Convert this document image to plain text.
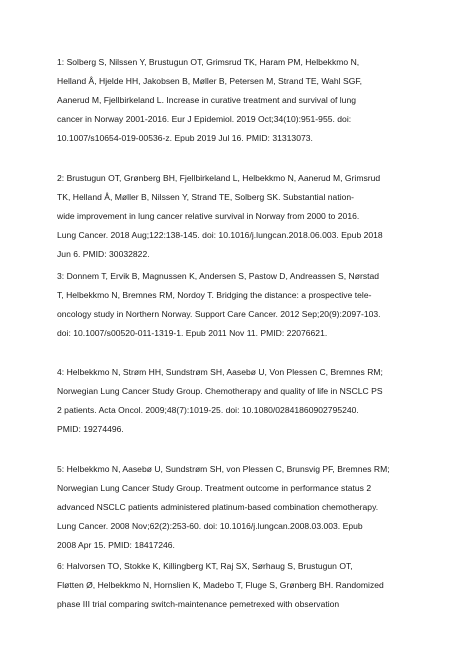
1: Solberg S, Nilssen Y, Brustugun OT, Grimsrud TK, Haram PM, Helbekkmo N,
Helland Å, Hjelde HH, Jakobsen B, Møller B, Petersen M, Strand TE, Wahl SGF,
Aanerud M, Fjellbirkeland L. Increase in curative treatment and survival of lung
cancer in Norway 2001-2016. Eur J Epidemiol. 2019 Oct;34(10):951-955. doi:
10.1007/s10654-019-00536-z. Epub 2019 Jul 16. PMID: 31313073.
2: Brustugun OT, Grønberg BH, Fjellbirkeland L, Helbekkmo N, Aanerud M, Grimsrud
TK, Helland Å, Møller B, Nilssen Y, Strand TE, Solberg SK. Substantial nation-
wide improvement in lung cancer relative survival in Norway from 2000 to 2016.
Lung Cancer. 2018 Aug;122:138-145. doi: 10.1016/j.lungcan.2018.06.003. Epub 2018
Jun 6. PMID: 30032822.
3: Donnem T, Ervik B, Magnussen K, Andersen S, Pastow D, Andreassen S, Nørstad
T, Helbekkmo N, Bremnes RM, Nordoy T. Bridging the distance: a prospective tele-
oncology study in Northern Norway. Support Care Cancer. 2012 Sep;20(9):2097-103.
doi: 10.1007/s00520-011-1319-1. Epub 2011 Nov 11. PMID: 22076621.
4: Helbekkmo N, Strøm HH, Sundstrøm SH, Aasebø U, Von Plessen C, Bremnes RM;
Norwegian Lung Cancer Study Group. Chemotherapy and quality of life in NSCLC PS
2 patients. Acta Oncol. 2009;48(7):1019-25. doi: 10.1080/02841860902795240.
PMID: 19274496.
5: Helbekkmo N, Aasebø U, Sundstrøm SH, von Plessen C, Brunsvig PF, Bremnes RM;
Norwegian Lung Cancer Study Group. Treatment outcome in performance status 2
advanced NSCLC patients administered platinum-based combination chemotherapy.
Lung Cancer. 2008 Nov;62(2):253-60. doi: 10.1016/j.lungcan.2008.03.003. Epub
2008 Apr 15. PMID: 18417246.
6: Halvorsen TO, Stokke K, Killingberg KT, Raj SX, Sørhaug S, Brustugun OT,
Fløtten Ø, Helbekkmo N, Hornslien K, Madebo T, Fluge S, Grønberg BH. Randomized
phase III trial comparing switch-maintenance pemetrexed with observation
